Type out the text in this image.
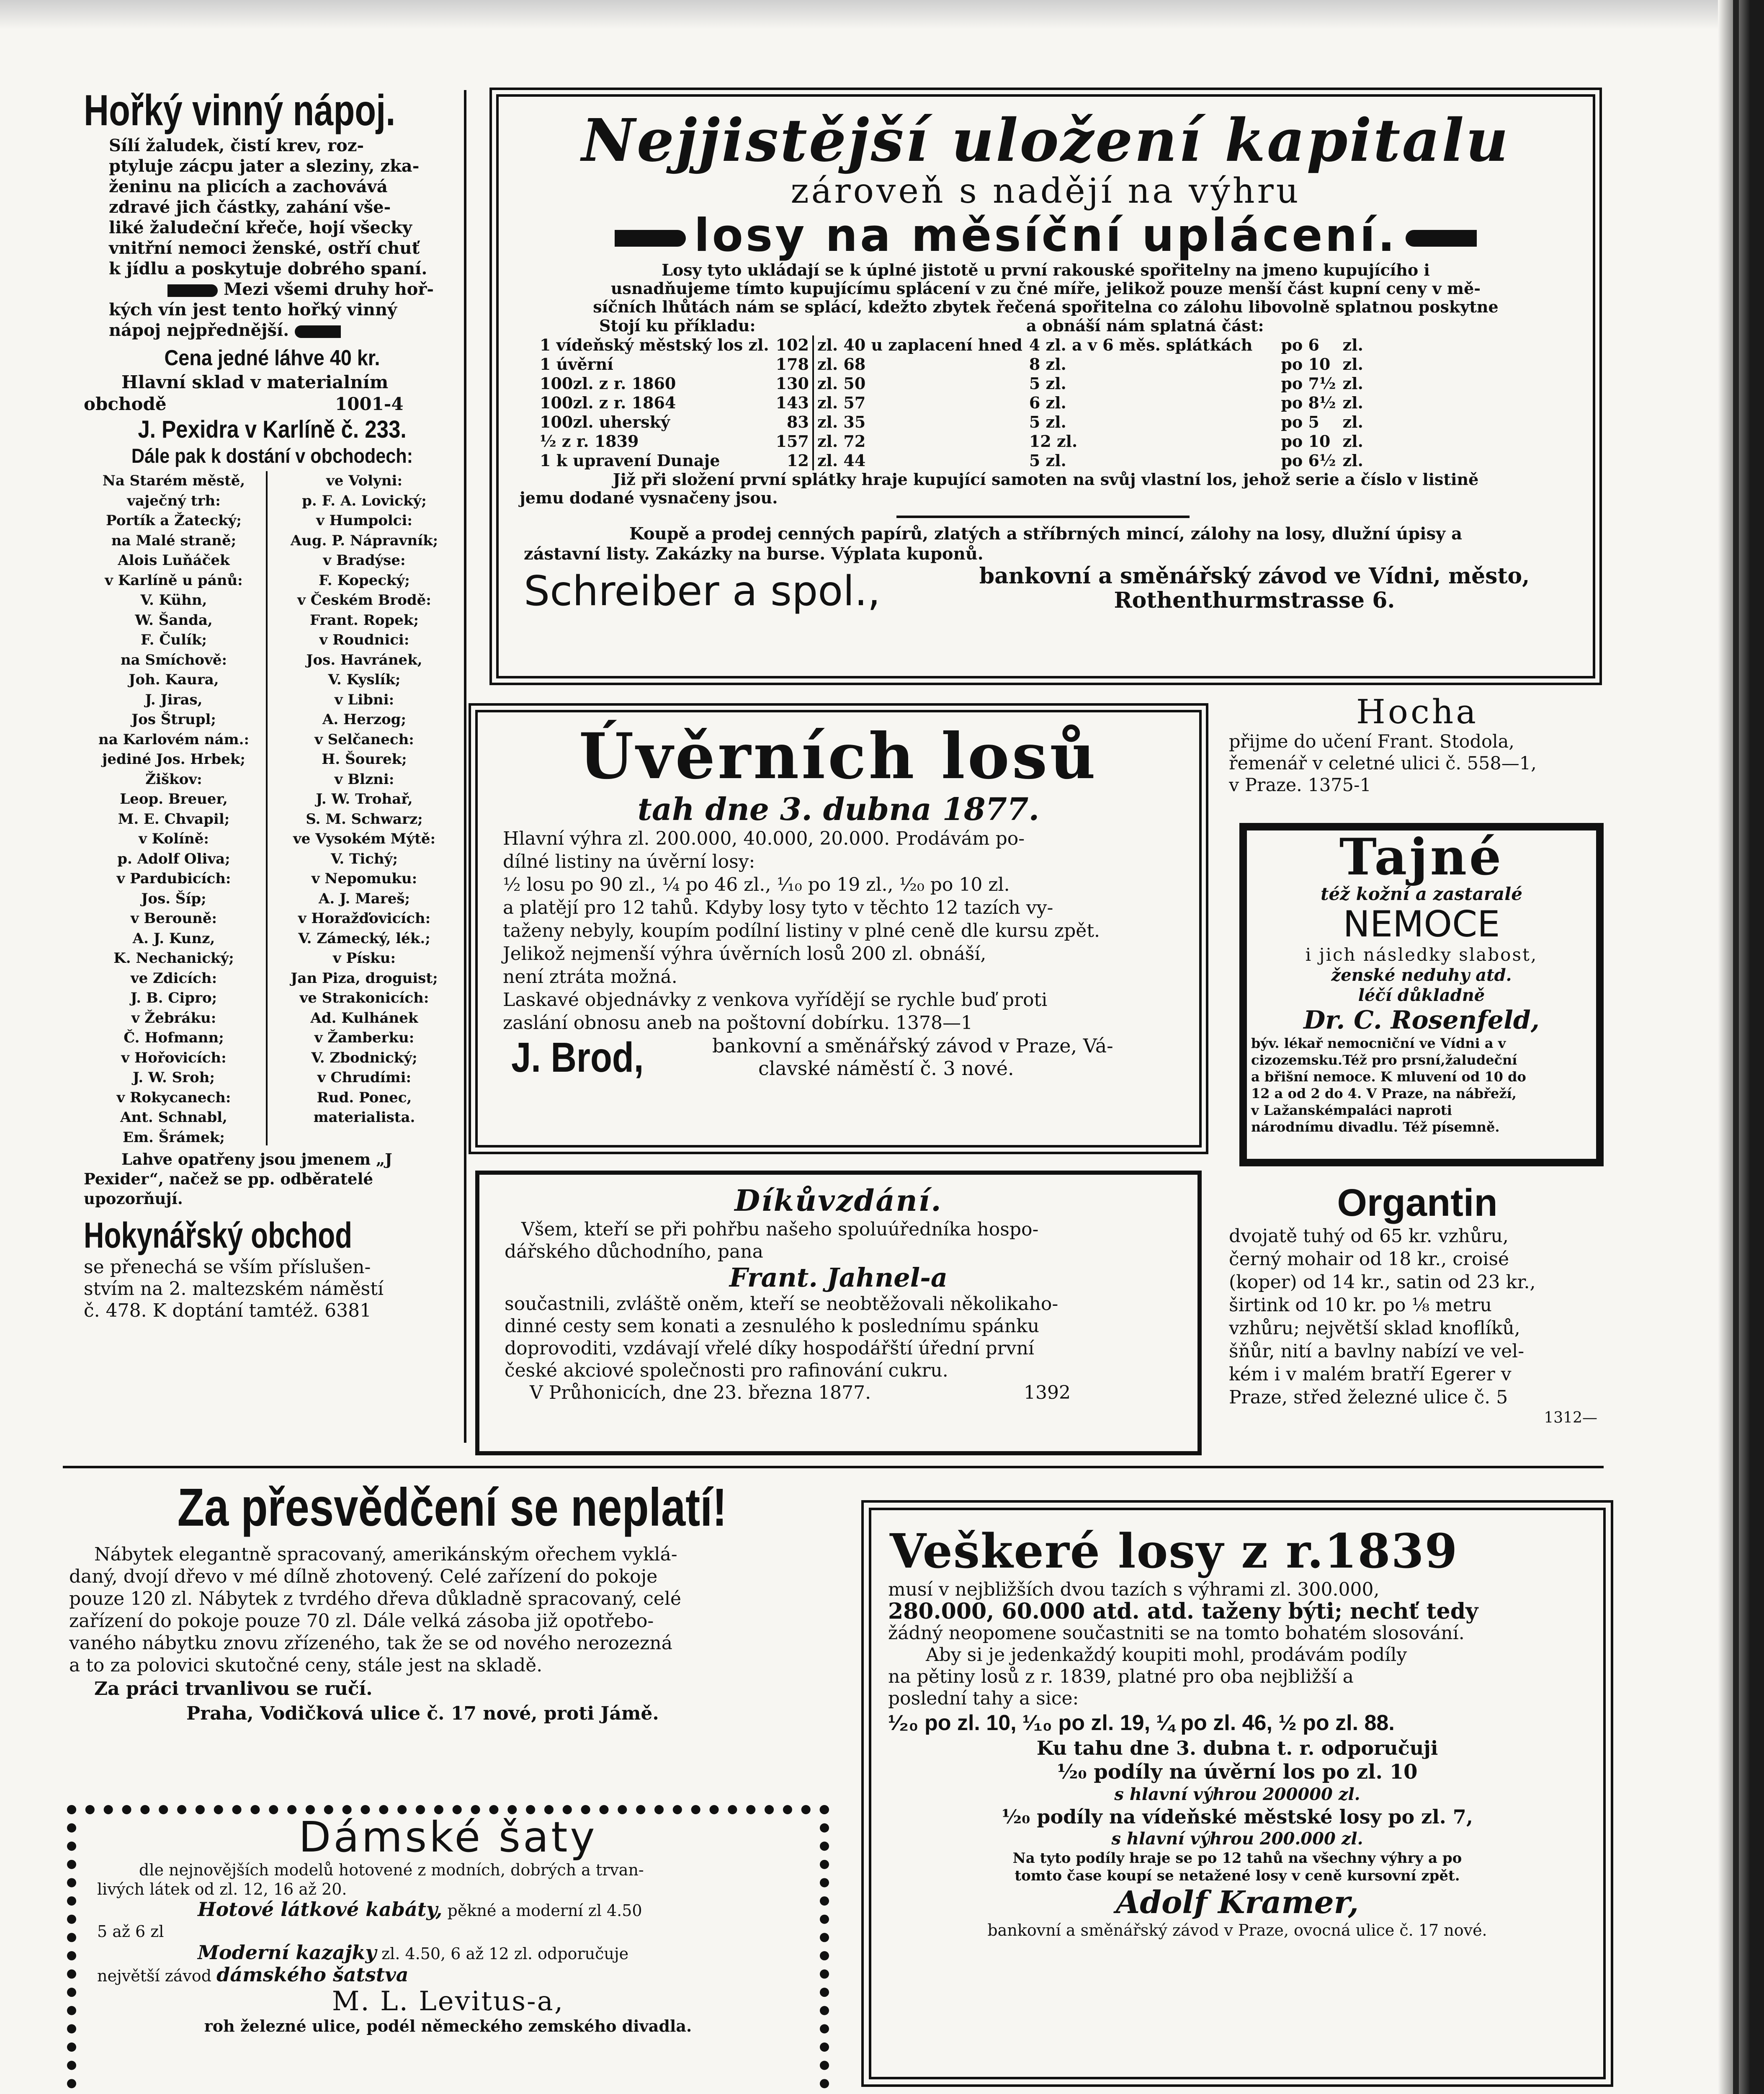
Hořký vinný nápoj.
Sílí žaludek, čistí krev, roz-
ptyluje zácpu jater a sleziny, zka-
ženinu na plicích a zachovává
zdravé jich částky, zahání vše-
liké žaludeční křeče, hojí všecky
vnitřní nemoci ženské, ostří chuť
k jídlu a poskytuje dobrého spaní.
Mezi všemi druhy hoř-
kých vín jest tento hořký vinný
nápoj nejpřednější.
Cena jedné láhve 40 kr.
Hlavní sklad v materialním
obchodě	1001-4
J. Pexidra v Karlíně č. 233.
Dále pak k dostání v obchodech:
Na Starém městě,
vaječný trh:
Portík a Žatecký;
na Malé straně;
Alois Luňáček
v Karlíně u pánů:
V. Kühn,
W. Šanda,
F. Čulík;
na Smíchově:
Joh. Kaura,
J. Jiras,
Jos Štrupl;
na Karlovém nám.:
jediné Jos. Hrbek;
Žiškov:
Leop. Breuer,
M. E. Chvapil;
v Kolíně:
p. Adolf Oliva;
v Pardubicích:
Jos. Šíp;
v Berouně:
A. J. Kunz,
K. Nechanický;
ve Zdicích:
J. B. Cipro;
v Žebráku:
Č. Hofmann;
v Hořovicích:
J. W. Sroh;
v Rokycanech:
Ant. Schnabl,
Em. Šrámek;
ve Volyni:
p. F. A. Lovický;
v Humpolci:
Aug. P. Nápravník;
v Bradýse:
F. Kopecký;
v Českém Brodě:
Frant. Ropek;
v Roudnici:
Jos. Havránek,
V. Kyslík;
v Libni:
A. Herzog;
v Selčanech:
H. Šourek;
v Blzni:
J. W. Trohař,
S. M. Schwarz;
ve Vysokém Mýtě:
V. Tichý;
v Nepomuku:
A. J. Mareš;
v Horažďovicích:
V. Zámecký, lék.;
v Písku:
Jan Piza, droguist;
ve Strakonicích:
Ad. Kulhánek
v Žamberku:
V. Zbodnický;
v Chrudími:
Rud. Ponec,
materialista.
Lahve opatřeny jsou jmenem „J
Pexider“, načež se pp. odběratelé
upozorňují.
Hokynářský obchod
se přenechá se vším příslušen-
stvím na 2. maltezském náměstí
č. 478. K doptání tamtéž. 6381
Nejjistější uložení kapitalu
zároveň s nadějí na výhru
losy na měsíční uplácení.
Losy tyto ukládají se k úplné jistotě u první rakouské spořitelny na jmeno kupujícího i
usnadňujeme tímto kupujícímu splácení v zu čné míře, jelikož pouze menší část kupní ceny v mě-
síčních lhůtách nám se splácí, kdežto zbytek řečená spořitelna co zálohu libovolně splatnou poskytne
Stojí ku příkladu:	a obnáší nám splatná část:
1 vídeňský městský los zl.	102	zl. 40 u zaplacení hned	4 zl. a v 6 měs. splátkách	po 6	zl.
1 úvěrní	178	zl. 68	8 zl.	po 10	zl.
100zl. z r. 1860	130	zl. 50	5 zl.	po 7½	zl.
100zl. z r. 1864	143	zl. 57	6 zl.	po 8½	zl.
100zl. uherský	83	zl. 35	5 zl.	po 5	zl.
½ z r. 1839	157	zl. 72	12 zl.	po 10	zl.
1 k upravení Dunaje	12	zl. 44	5 zl.	po 6½	zl.
Již při složení první splátky hraje kupující samoten na svůj vlastní los, jehož serie a číslo v listině
jemu dodané vysnačeny jsou.
Koupě a prodej cenných papírů, zlatých a stříbrných mincí, zálohy na losy, dlužní úpisy a
zástavní listy. Zakázky na burse. Výplata kuponů.
Schreiber a spol.,	bankovní a směnářský závod ve Vídni, město,
Rothenthurmstrasse 6.
Úvěrních losů
tah dne 3. dubna 1877.
Hlavní výhra zl. 200.000, 40.000, 20.000. Prodávám po-
dílné listiny na úvěrní losy:
½ losu po 90 zl., ¼ po 46 zl., ¹⁄₁₀ po 19 zl., ¹⁄₂₀ po 10 zl.
a platějí pro 12 tahů. Kdyby losy tyto v těchto 12 tazích vy-
taženy nebyly, koupím podílní listiny v plné ceně dle kursu zpět.
Jelikož nejmenší výhra úvěrních losů 200 zl. obnáší,
není ztráta možná.
Laskavé objednávky z venkova vyřídějí se rychle buď proti
zaslání obnosu aneb na poštovní dobírku. 1378—1
J. Brod,	bankovní a směnářský závod v Praze, Vá-
clavské náměstí č. 3 nové.
Díkůvzdání.
Všem, kteří se při pohřbu našeho spoluúředníka hospo-
dářského důchodního, pana
Frant. Jahnel-a
součastnili, zvláště oněm, kteří se neobtěžovali několikaho-
dinné cesty sem konati a zesnulého k poslednímu spánku
doprovoditi, vzdávají vřelé díky hospodářští úřední první
české akciové společnosti pro rafinování cukru.
V Průhonicích, dne 23. března 1877.	1392
Hocha
přijme do učení Frant. Stodola,
řemenář v celetné ulici č. 558—1,
v Praze. 1375-1
Tajné
též kožní a zastaralé
NEMOCE
i jich následky slabost,
ženské neduhy atd.
léčí důkladně
Dr. C. Rosenfeld,
býv. lékař nemocniční ve Vídni a v
cizozemsku.Též pro prsní,žaludeční
a břišní nemoce. K mluvení od 10 do
12 a od 2 do 4. V Praze, na nábřeží,
v Lažanskémpaláci naproti
národnímu divadlu. Též písemně.
Organtin
dvojatě tuhý od 65 kr. vzhůru,
černý mohair od 18 kr., croisé
(koper) od 14 kr., satin od 23 kr.,
širtink od 10 kr. po ⅛ metru
vzhůru; největší sklad knoflíků,
šňůr, nití a bavlny nabízí ve vel-
kém i v malém bratří Egerer v
Praze, střed železné ulice č. 5
1312—
Za přesvědčení se neplatí!
Nábytek elegantně spracovaný, amerikánským ořechem vyklá-
daný, dvojí dřevo v mé dílně zhotovený. Celé zařízení do pokoje
pouze 120 zl. Nábytek z tvrdého dřeva důkladně spracovaný, celé
zařízení do pokoje pouze 70 zl. Dále velká zásoba již opotřebo-
vaného nábytku znovu zřízeného, tak že se od nového nerozezná
a to za polovici skutočné ceny, stále jest na skladě.
Za práci trvanlivou se ručí.
Praha, Vodičková ulice č. 17 nové, proti Jámě.
Dámské šaty
dle nejnovějších modelů hotovené z modních, dobrých a trvan-
livých látek od zl. 12, 16 až 20.
Hotové látkové kabáty, pěkné a moderní zl 4.50
5 až 6 zl
Moderní kazajky zl. 4.50, 6 až 12 zl. odporučuje
největší závod dámského šatstva
M. L. Levitus-a,
roh železné ulice, podél německého zemského divadla.
Veškeré losy z r.1839
musí v nejbližších dvou tazích s výhrami zl. 300.000,
280.000, 60.000 atd. atd. taženy býti; nechť tedy
žádný neopomene součastniti se na tomto bohatém slosování.
Aby si je jedenkaždý koupiti mohl, prodávám podíly
na pětiny losů z r. 1839, platné pro oba nejbližší a
poslední tahy a sice:
¹⁄₂₀ po zl. 10, ¹⁄₁₀ po zl. 19, ¼ po zl. 46, ½ po zl. 88.
Ku tahu dne 3. dubna t. r. odporučuji
¹⁄₂₀ podíly na úvěrní los po zl. 10
s hlavní výhrou 200000 zl.
¹⁄₂₀ podíly na vídeňské městské losy po zl. 7,
s hlavní výhrou 200.000 zl.
Na tyto podíly hraje se po 12 tahů na všechny výhry a po
tomto čase koupí se netažené losy v ceně kursovní zpět.
Adolf Kramer,
bankovní a směnářský závod v Praze, ovocná ulice č. 17 nové.
